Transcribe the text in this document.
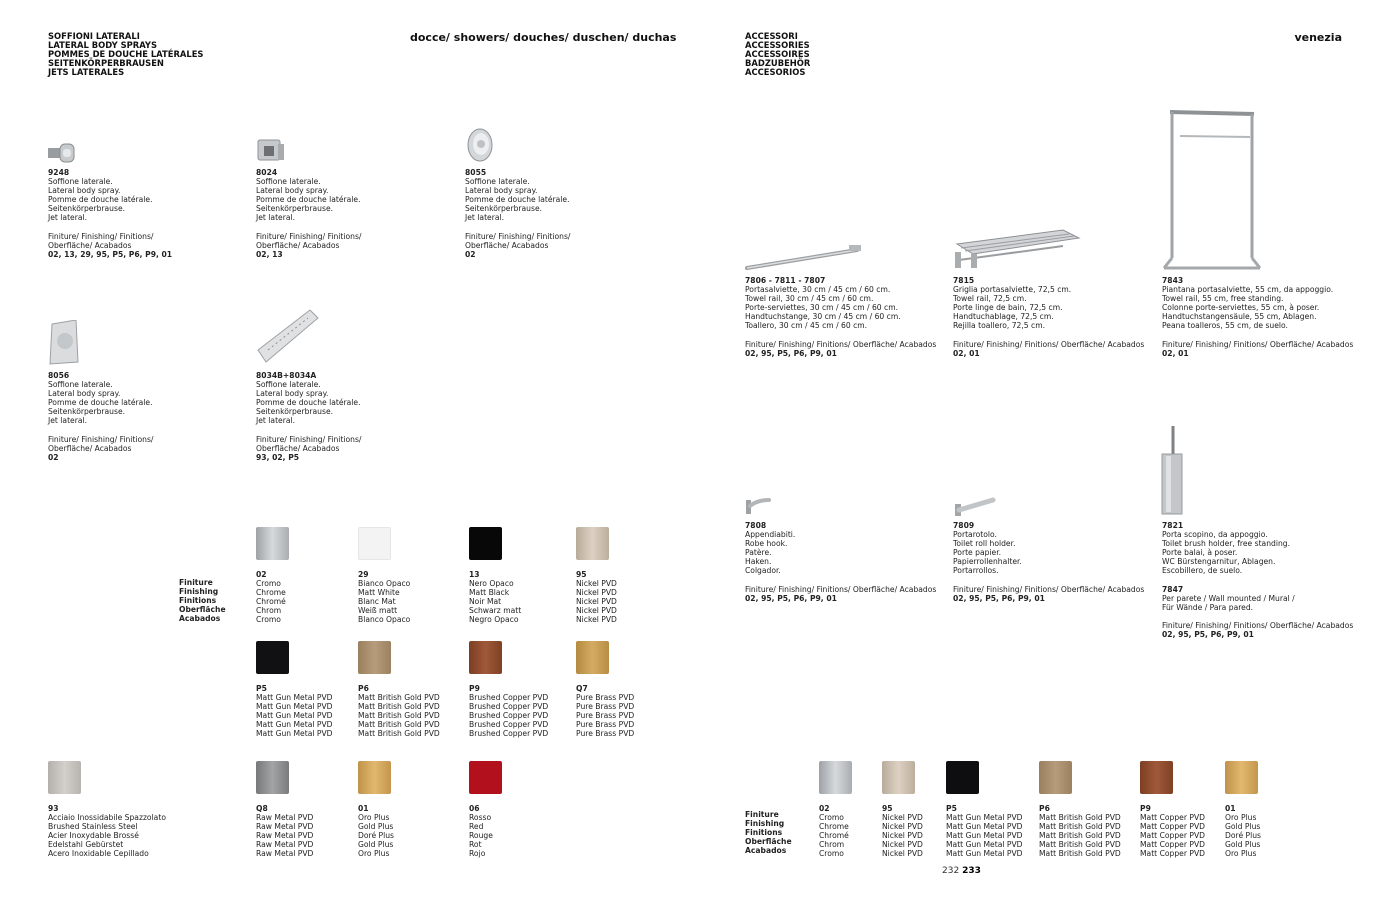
SOFFIONI LATERALI
LATERAL BODY SPRAYS
POMMES DE DOUCHE LATÉRALES
SEITENKÖRPERBRAUSEN
JETS LATERALES
docce/ showers/ douches/ duschen/ duchas
9248
Soffione laterale.
Lateral body spray.
Pomme de douche latérale.
Seitenkörperbrause.
Jet lateral.
Finiture/ Finishing/ Finitions/
Oberfläche/ Acabados
02, 13, 29, 95, P5, P6, P9, 01
8024
Soffione laterale.
Lateral body spray.
Pomme de douche latérale.
Seitenkörperbrause.
Jet lateral.
Finiture/ Finishing/ Finitions/
Oberfläche/ Acabados
02, 13
8055
Soffione laterale.
Lateral body spray.
Pomme de douche latérale.
Seitenkörperbrause.
Jet lateral.
Finiture/ Finishing/ Finitions/
Oberfläche/ Acabados
02
8056
Soffione laterale.
Lateral body spray.
Pomme de douche latérale.
Seitenkörperbrause.
Jet lateral.
Finiture/ Finishing/ Finitions/
Oberfläche/ Acabados
02
8034B+8034A
Soffione laterale.
Lateral body spray.
Pomme de douche latérale.
Seitenkörperbrause.
Jet lateral.
Finiture/ Finishing/ Finitions/
Oberfläche/ Acabados
93, 02, P5
Finiture
Finishing
Finitions
Oberfläche
Acabados
02
Cromo
Chrome
Chromé
Chrom
Cromo
29
Bianco Opaco
Matt White
Blanc Mat
Weiß matt
Blanco Opaco
13
Nero Opaco
Matt Black
Noir Mat
Schwarz matt
Negro Opaco
95
Nickel PVD
Nickel PVD
Nickel PVD
Nickel PVD
Nickel PVD
P5
Matt Gun Metal PVD
Matt Gun Metal PVD
Matt Gun Metal PVD
Matt Gun Metal PVD
Matt Gun Metal PVD
P6
Matt British Gold PVD
Matt British Gold PVD
Matt British Gold PVD
Matt British Gold PVD
Matt British Gold PVD
P9
Brushed Copper PVD
Brushed Copper PVD
Brushed Copper PVD
Brushed Copper PVD
Brushed Copper PVD
Q7
Pure Brass PVD
Pure Brass PVD
Pure Brass PVD
Pure Brass PVD
Pure Brass PVD
93
Acciaio Inossidabile Spazzolato
Brushed Stainless Steel
Acier Inoxydable Brossé
Edelstahl Gebürstet
Acero Inoxidable Cepillado
Q8
Raw Metal PVD
Raw Metal PVD
Raw Metal PVD
Raw Metal PVD
Raw Metal PVD
01
Oro Plus
Gold Plus
Doré Plus
Gold Plus
Oro Plus
06
Rosso
Red
Rouge
Rot
Rojo
ACCESSORI
ACCESSORIES
ACCESSOIRES
BADZUBEHÖR
ACCESORIOS
venezia
7806 - 7811 - 7807
Portasalviette, 30 cm / 45 cm / 60 cm.
Towel rail, 30 cm / 45 cm / 60 cm.
Porte-serviettes, 30 cm / 45 cm / 60 cm.
Handtuchstange, 30 cm / 45 cm / 60 cm.
Toallero, 30 cm / 45 cm / 60 cm.
Finiture/ Finishing/ Finitions/ Oberfläche/ Acabados
02, 95, P5, P6, P9, 01
7815
Griglia portasalviette, 72,5 cm.
Towel rail, 72,5 cm.
Porte linge de bain, 72,5 cm.
Handtuchablage, 72,5 cm.
Rejilla toallero, 72,5 cm.
Finiture/ Finishing/ Finitions/ Oberfläche/ Acabados
02, 01
7843
Piantana portasalviette, 55 cm, da appoggio.
Towel rail, 55 cm, free standing.
Colonne porte-serviettes, 55 cm, à poser.
Handtuchstangensäule, 55 cm, Ablagen.
Peana toalleros, 55 cm, de suelo.
Finiture/ Finishing/ Finitions/ Oberfläche/ Acabados
02, 01
7808
Appendiabiti.
Robe hook.
Patère.
Haken.
Colgador.
Finiture/ Finishing/ Finitions/ Oberfläche/ Acabados
02, 95, P5, P6, P9, 01
7809
Portarotolo.
Toilet roll holder.
Porte papier.
Papierrollenhalter.
Portarrollos.
Finiture/ Finishing/ Finitions/ Oberfläche/ Acabados
02, 95, P5, P6, P9, 01
7821
Porta scopino, da appoggio.
Toilet brush holder, free standing.
Porte balai, à poser.
WC Bürstengarnitur, Ablagen.
Escobillero, de suelo.
7847
Per parete / Wall mounted / Mural /
Für Wände / Para pared.
Finiture/ Finishing/ Finitions/ Oberfläche/ Acabados
02, 95, P5, P6, P9, 01
Finiture
Finishing
Finitions
Oberfläche
Acabados
02
Cromo
Chrome
Chromé
Chrom
Cromo
95
Nickel PVD
Nickel PVD
Nickel PVD
Nickel PVD
Nickel PVD
P5
Matt Gun Metal PVD
Matt Gun Metal PVD
Matt Gun Metal PVD
Matt Gun Metal PVD
Matt Gun Metal PVD
P6
Matt British Gold PVD
Matt British Gold PVD
Matt British Gold PVD
Matt British Gold PVD
Matt British Gold PVD
P9
Matt Copper PVD
Matt Copper PVD
Matt Copper PVD
Matt Copper PVD
Matt Copper PVD
01
Oro Plus
Gold Plus
Doré Plus
Gold Plus
Oro Plus
232 233
